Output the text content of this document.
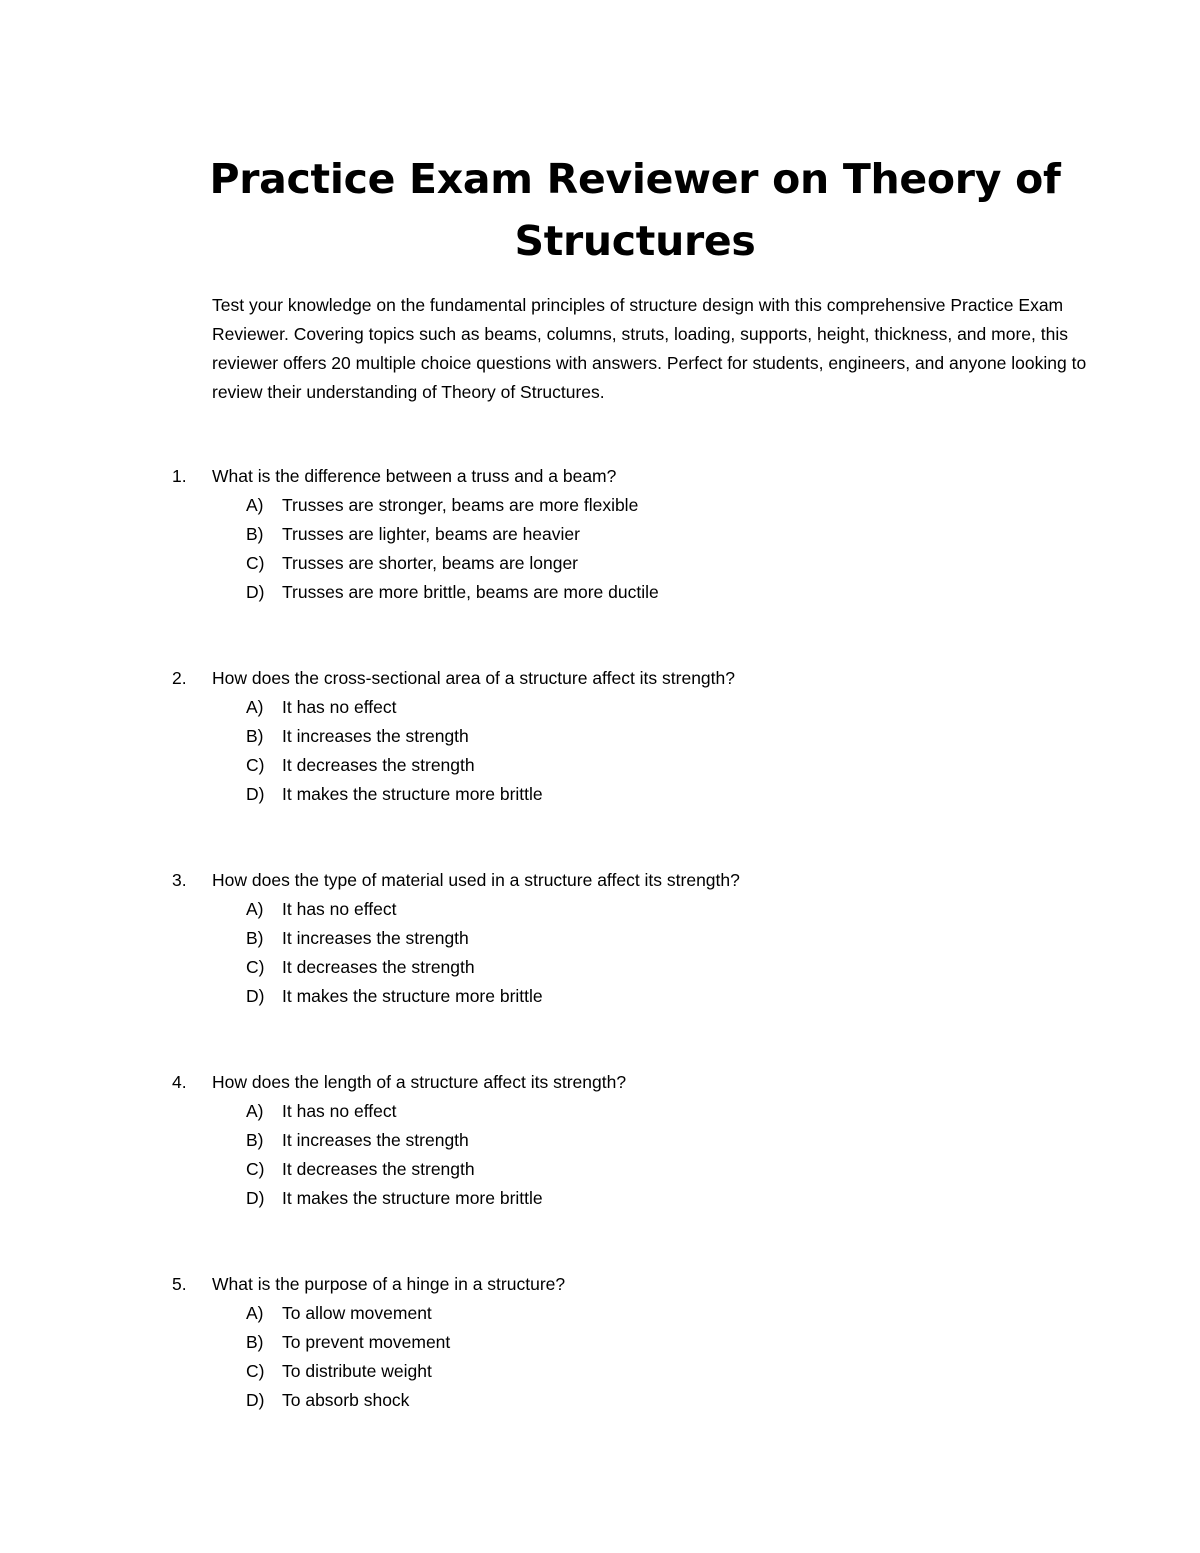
Practice Exam Reviewer on Theory of Structures

Test your knowledge on the fundamental principles of structure design with this comprehensive Practice Exam Reviewer. Covering topics such as beams, columns, struts, loading, supports, height, thickness, and more, this reviewer offers 20 multiple choice questions with answers. Perfect for students, engineers, and anyone looking to review their understanding of Theory of Structures.

1. What is the difference between a truss and a beam?
A) Trusses are stronger, beams are more flexible
B) Trusses are lighter, beams are heavier
C) Trusses are shorter, beams are longer
D) Trusses are more brittle, beams are more ductile
2. How does the cross-sectional area of a structure affect its strength?
A) It has no effect
B) It increases the strength
C) It decreases the strength
D) It makes the structure more brittle
3. How does the type of material used in a structure affect its strength?
A) It has no effect
B) It increases the strength
C) It decreases the strength
D) It makes the structure more brittle
4. How does the length of a structure affect its strength?
A) It has no effect
B) It increases the strength
C) It decreases the strength
D) It makes the structure more brittle
5. What is the purpose of a hinge in a structure?
A) To allow movement
B) To prevent movement
C) To distribute weight
D) To absorb shock
